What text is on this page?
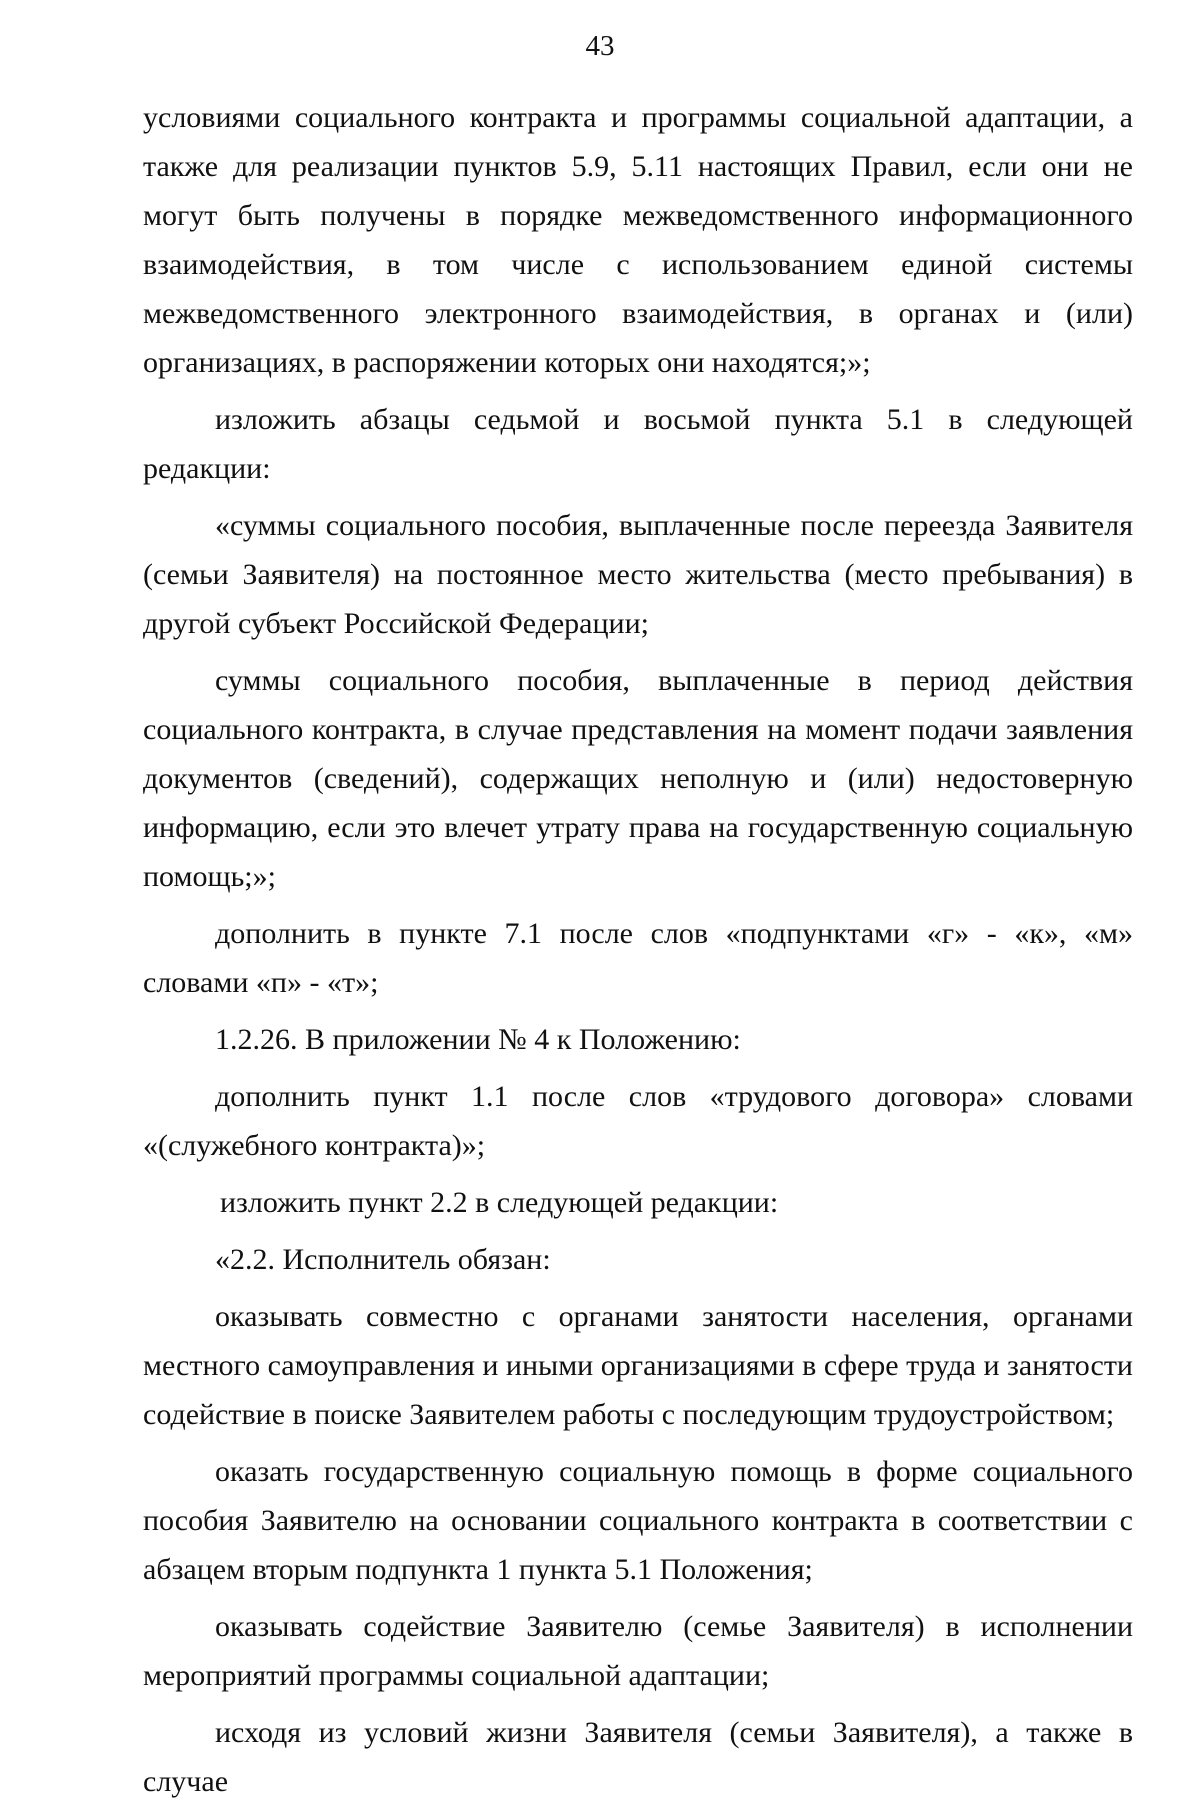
43

условиями социального контракта и программы социальной адаптации, а также для реализации пунктов 5.9, 5.11 настоящих Правил, если они не могут быть получены в порядке межведомственного информационного взаимодействия, в том числе с использованием единой системы межведомственного электронного взаимодействия, в органах и (или) организациях, в распоряжении которых они находятся;»;

изложить абзацы седьмой и восьмой пункта 5.1 в следующей редакции:

«суммы социального пособия, выплаченные после переезда Заявителя (семьи Заявителя) на постоянное место жительства (место пребывания) в другой субъект Российской Федерации;

суммы социального пособия, выплаченные в период действия социального контракта, в случае представления на момент подачи заявления документов (сведений), содержащих неполную и (или) недостоверную информацию, если это влечет утрату права на государственную социальную помощь;»;

дополнить в пункте 7.1 после слов «подпунктами «г» - «к», «м» словами «п» - «т»;

1.2.26. В приложении № 4 к Положению:

дополнить пункт 1.1 после слов «трудового договора» словами «(служебного контракта)»;

изложить пункт 2.2 в следующей редакции:

«2.2. Исполнитель обязан:

оказывать совместно с органами занятости населения, органами местного самоуправления и иными организациями в сфере труда и занятости содействие в поиске Заявителем работы с последующим трудоустройством;

оказать государственную социальную помощь в форме социального пособия Заявителю на основании социального контракта в соответствии с абзацем вторым подпункта 1 пункта 5.1 Положения;

оказывать содействие Заявителю (семье Заявителя) в исполнении мероприятий программы социальной адаптации;

исходя из условий жизни Заявителя (семьи Заявителя), а также в случае
